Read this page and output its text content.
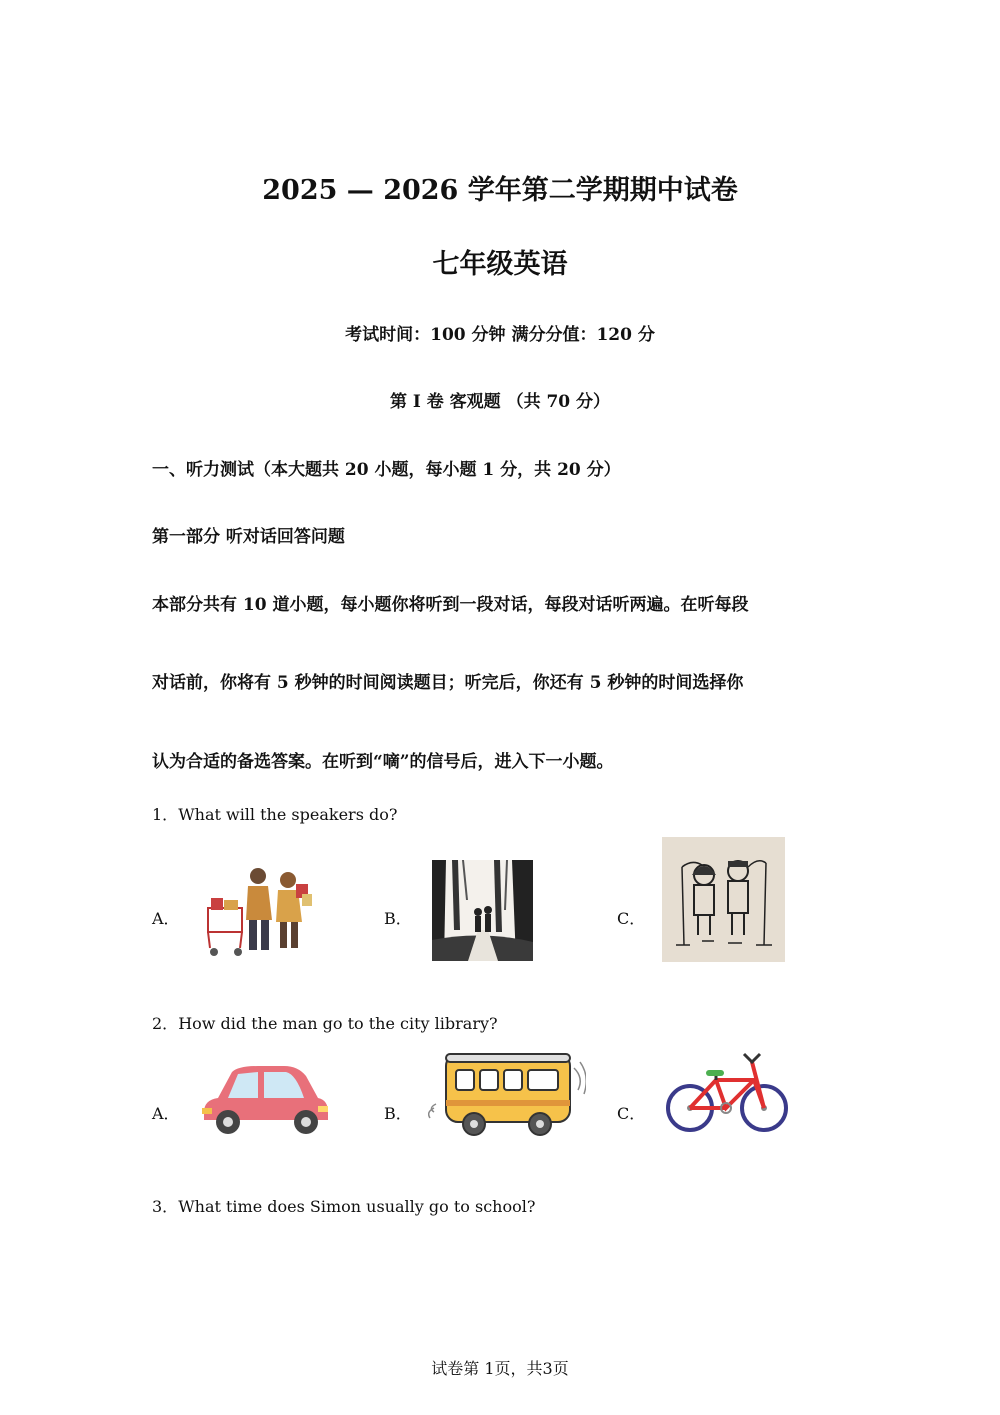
2025 — 2026 学年第二学期期中试卷
七年级英语
考试时间：100 分钟 满分分值：120 分
第 Ⅰ 卷 客观题 （共 70 分）
一、听力测试（本大题共 20 小题，每小题 1 分，共 20 分）
第一部分 听对话回答问题
本部分共有 10 道小题，每小题你将听到一段对话，每段对话听两遍。在听每段
对话前，你将有 5 秒钟的时间阅读题目；听完后，你还有 5 秒钟的时间选择你
认为合适的备选答案。在听到“嘀”的信号后，进入下一小题。
1．What will the speakers do?
A．	B．	C．
2．How did the man go to the city library?
A．	B．	C．
3．What time does Simon usually go to school?
试卷第 1页，共3页
